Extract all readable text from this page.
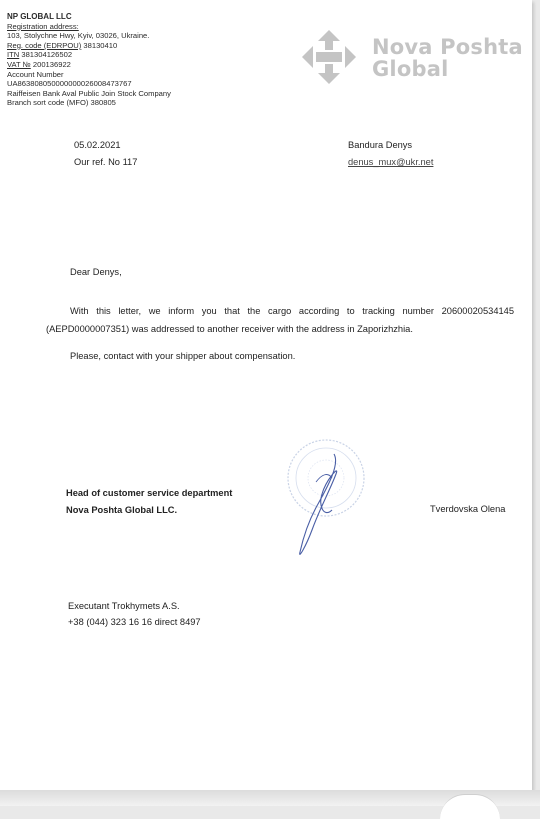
NP GLOBAL LLC
Registration address:
103, Stolychne Hwy, Kyiv, 03026, Ukraine.
Reg. code (EDRPOU) 38130410
ITN 381304126502
VAT № 200136922
Account Number
UA863808050000000026008473767
Raiffeisen Bank Aval Public Join Stock Company
Branch sort code (MFO) 380805
Nova Poshta
Global
05.02.2021
Our ref. No 117
Bandura Denys
denus_mux@ukr.net
Dear Denys,
With this letter, we inform you that the cargo according to tracking number 20600020534145 (AEPD0000007351) was addressed to another receiver with the address in Zaporizhzhia.
Please, contact with your shipper about compensation.
Head of customer service department
Nova Poshta Global LLC.	Tverdovska Olena
Executant Trokhymets A.S.
+38 (044) 323 16 16 direct 8497
